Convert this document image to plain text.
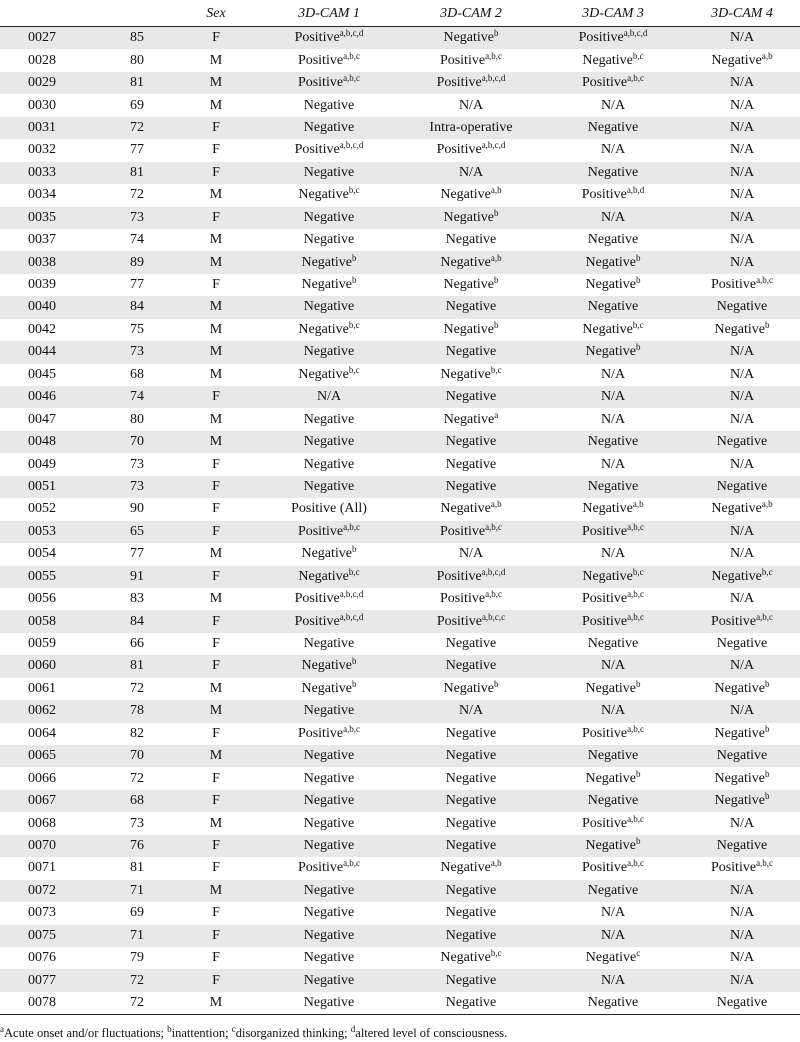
		Sex	3D-CAM 1	3D-CAM 2	3D-CAM 3	3D-CAM 4
0027	85	F	Positive$^{a,b,c,d}$	Negative$^b$	Positive$^{a,b,c,d}$	N/A
0028	80	M	Positive$^{a,b,c}$	Positive$^{a,b,c}$	Negative$^{b,c}$	Negative$^{a,b}$
0029	81	M	Positive$^{a,b,c}$	Positive$^{a,b,c,d}$	Positive$^{a,b,c}$	N/A
0030	69	M	Negative	N/A	N/A	N/A
0031	72	F	Negative	Intra-operative	Negative	N/A
0032	77	F	Positive$^{a,b,c,d}$	Positive$^{a,b,c,d}$	N/A	N/A
0033	81	F	Negative	N/A	Negative	N/A
0034	72	M	Negative$^{b,c}$	Negative$^{a,b}$	Positive$^{a,b,d}$	N/A
0035	73	F	Negative	Negative$^b$	N/A	N/A
0037	74	M	Negative	Negative	Negative	N/A
0038	89	M	Negative$^b$	Negative$^{a,b}$	Negative$^b$	N/A
0039	77	F	Negative$^b$	Negative$^b$	Negative$^b$	Positive$^{a,b,c}$
0040	84	M	Negative	Negative	Negative	Negative
0042	75	M	Negative$^{b,c}$	Negative$^b$	Negative$^{b,c}$	Negative$^b$
0044	73	M	Negative	Negative	Negative$^b$	N/A
0045	68	M	Negative$^{b,c}$	Negative$^{b,c}$	N/A	N/A
0046	74	F	N/A	Negative	N/A	N/A
0047	80	M	Negative	Negative$^a$	N/A	N/A
0048	70	M	Negative	Negative	Negative	Negative
0049	73	F	Negative	Negative	N/A	N/A
0051	73	F	Negative	Negative	Negative	Negative
0052	90	F	Positive (All)	Negative$^{a,b}$	Negative$^{a,b}$	Negative$^{a,b}$
0053	65	F	Positive$^{a,b,c}$	Positive$^{a,b,c}$	Positive$^{a,b,c}$	N/A
0054	77	M	Negative$^b$	N/A	N/A	N/A
0055	91	F	Negative$^{b,c}$	Positive$^{a,b,c,d}$	Negative$^{b,c}$	Negative$^{b,c}$
0056	83	M	Positive$^{a,b,c,d}$	Positive$^{a,b,c}$	Positive$^{a,b,c}$	N/A
0058	84	F	Positive$^{a,b,c,d}$	Positive$^{a,b,c,c}$	Positive$^{a,b,c}$	Positive$^{a,b,c}$
0059	66	F	Negative	Negative	Negative	Negative
0060	81	F	Negative$^b$	Negative	N/A	N/A
0061	72	M	Negative$^b$	Negative$^b$	Negative$^b$	Negative$^b$
0062	78	M	Negative	N/A	N/A	N/A
0064	82	F	Positive$^{a,b,c}$	Negative	Positive$^{a,b,c}$	Negative$^b$
0065	70	M	Negative	Negative	Negative	Negative
0066	72	F	Negative	Negative	Negative$^b$	Negative$^b$
0067	68	F	Negative	Negative	Negative	Negative$^b$
0068	73	M	Negative	Negative	Positive$^{a,b,c}$	N/A
0070	76	F	Negative	Negative	Negative$^b$	Negative
0071	81	F	Positive$^{a,b,c}$	Negative$^{a,b}$	Positive$^{a,b,c}$	Positive$^{a,b,c}$
0072	71	M	Negative	Negative	Negative	N/A
0073	69	F	Negative	Negative	N/A	N/A
0075	71	F	Negative	Negative	N/A	N/A
0076	79	F	Negative	Negative$^{b,c}$	Negative$^c$	N/A
0077	72	F	Negative	Negative	N/A	N/A
0078	72	M	Negative	Negative	Negative	Negative
$^a$Acute onset and/or fluctuations; $^b$inattention; $^c$disorganized thinking; $^d$altered level of consciousness.
